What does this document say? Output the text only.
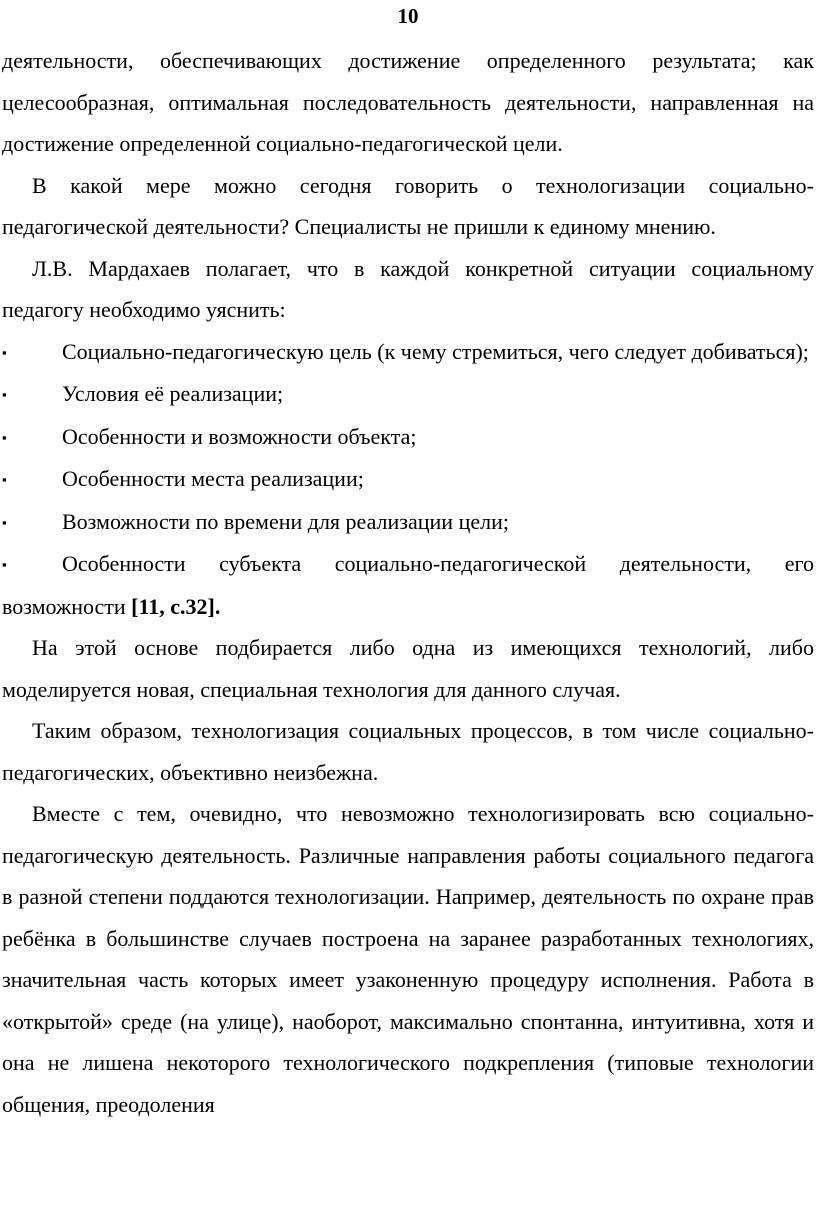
10

деятельности, обеспечивающих достижение определенного результата; как целесообразная, оптимальная последовательность деятельности, направленная на достижение определенной социально-педагогической цели.

В какой мере можно сегодня говорить о технологизации социально-педагогической деятельности? Специалисты не пришли к единому мнению.

Л.В. Мардахаев полагает, что в каждой конкретной ситуации социальному педагогу необходимо уяснить:

▪	Социально-педагогическую цель (к чему стремиться, чего следует добиваться);

▪	Условия её реализации;

▪	Особенности и возможности объекта;

▪	Особенности места реализации;

▪	Возможности по времени для реализации цели;

▪	Особенности субъекта социально-педагогической деятельности, его возможности [11, с.32].

На этой основе подбирается либо одна из имеющихся технологий, либо моделируется новая, специальная технология для данного случая.

Таким образом, технологизация социальных процессов, в том числе социально-педагогических, объективно неизбежна.

Вместе с тем, очевидно, что невозможно технологизировать всю социально-педагогическую деятельность. Различные направления работы социального педагога в разной степени поддаются технологизации. Например, деятельность по охране прав ребёнка в большинстве случаев построена на заранее разработанных технологиях, значительная часть которых имеет узаконенную процедуру исполнения. Работа в «открытой» среде (на улице), наоборот, максимально спонтанна, интуитивна, хотя и она не лишена некоторого технологического подкрепления (типовые технологии общения, преодоления
